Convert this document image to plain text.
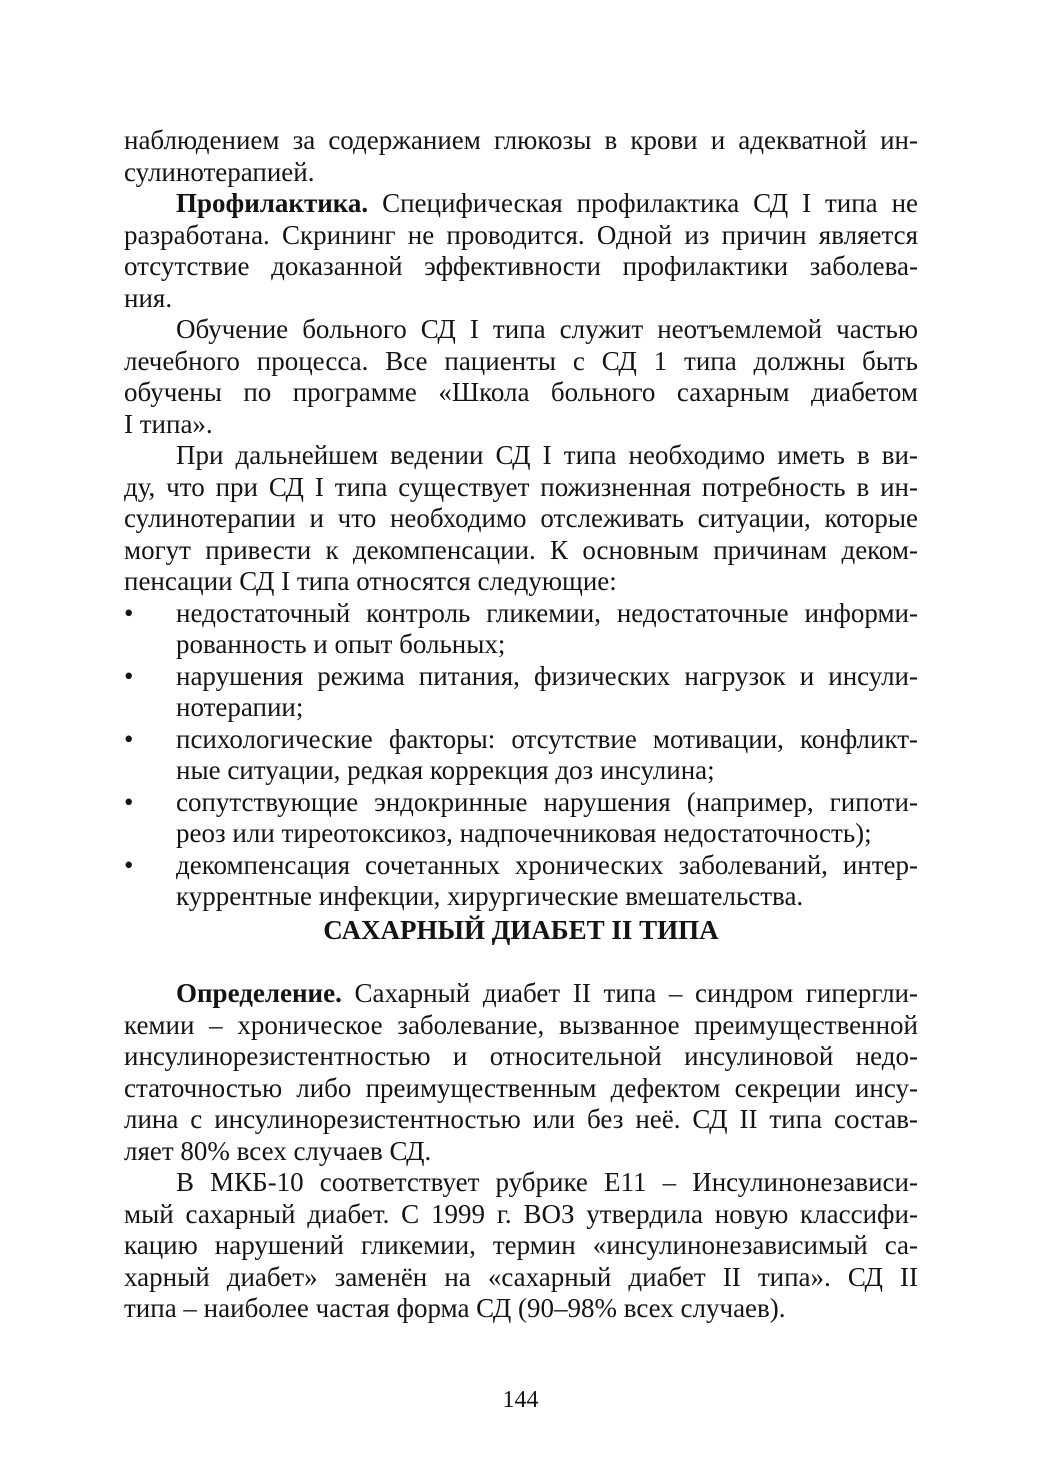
наблюдением за содержанием глюкозы в крови и адекватной ин-
сулинотерапией.
Профилактика. Специфическая профилактика СД I типа не
разработана. Скрининг не проводится. Одной из причин является
отсутствие доказанной эффективности профилактики заболева-
ния.
Обучение больного СД I типа служит неотъемлемой частью
лечебного процесса. Все пациенты с СД 1 типа должны быть
обучены по программе «Школа больного сахарным диабетом
I типа».
При дальнейшем ведении СД I типа необходимо иметь в ви-
ду, что при СД I типа существует пожизненная потребность в ин-
сулинотерапии и что необходимо отслеживать ситуации, которые
могут привести к декомпенсации. К основным причинам деком-
пенсации СД I типа относятся следующие:
•	недостаточный контроль гликемии, недостаточные информи-
рованность и опыт больных;
•	нарушения режима питания, физических нагрузок и инсули-
нотерапии;
•	психологические факторы: отсутствие мотивации, конфликт-
ные ситуации, редкая коррекция доз инсулина;
•	сопутствующие эндокринные нарушения (например, гипоти-
реоз или тиреотоксикоз, надпочечниковая недостаточность);
•	декомпенсация сочетанных хронических заболеваний, интер-
куррентные инфекции, хирургические вмешательства.
САХАРНЫЙ ДИАБЕТ II ТИПА
Определение. Сахарный диабет II типа – синдром гипергли-
кемии – хроническое заболевание, вызванное преимущественной
инсулинорезистентностью и относительной инсулиновой недо-
статочностью либо преимущественным дефектом секреции инсу-
лина с инсулинорезистентностью или без неё. СД II типа состав-
ляет 80% всех случаев СД.
В МКБ-10 соответствует рубрике Е11 – Инсулинонезависи-
мый сахарный диабет. С 1999 г. ВОЗ утвердила новую классифи-
кацию нарушений гликемии, термин «инсулинонезависимый са-
харный диабет» заменён на «сахарный диабет II типа». СД II
типа – наиболее частая форма СД (90–98% всех случаев).
144
